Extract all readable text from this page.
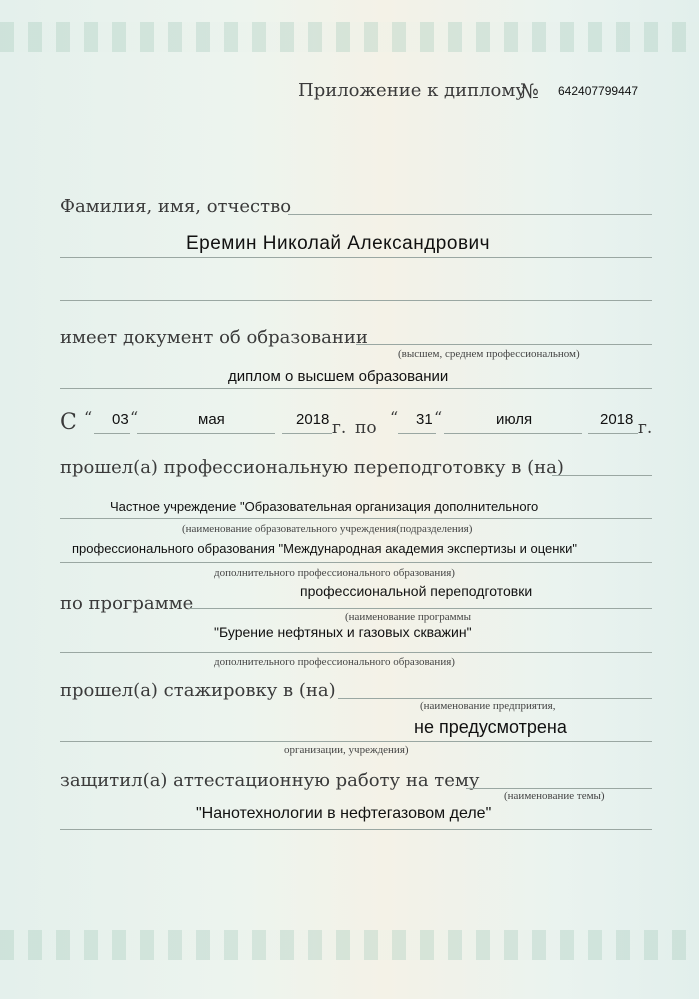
Приложение к диплому
№ 642407799447
Фамилия, имя, отчество
Еремин Николай Александрович
имеет документ об образовании
(высшем, среднем профессиональном)
диплом о высшем образовании
С “ 03 “	мая	2018 г. по
“ 31 “	июля	2018 г.
прошел(а) профессиональную переподготовку в (на)
Частное учреждение "Образовательная организация дополнительного
(наименование образовательного учреждения(подразделения)
профессионального образования "Международная академия экспертизы и оценки"
дополнительного профессионального образования)
по программе
профессиональной переподготовки
(наименование программы
"Бурение нефтяных и газовых скважин"
дополнительного профессионального образования)
прошел(а) стажировку в (на)
(наименование предприятия,
не предусмотрена
организации, учреждения)
защитил(а) аттестационную работу на тему
(наименование темы)
"Нанотехнологии в нефтегазовом деле"
